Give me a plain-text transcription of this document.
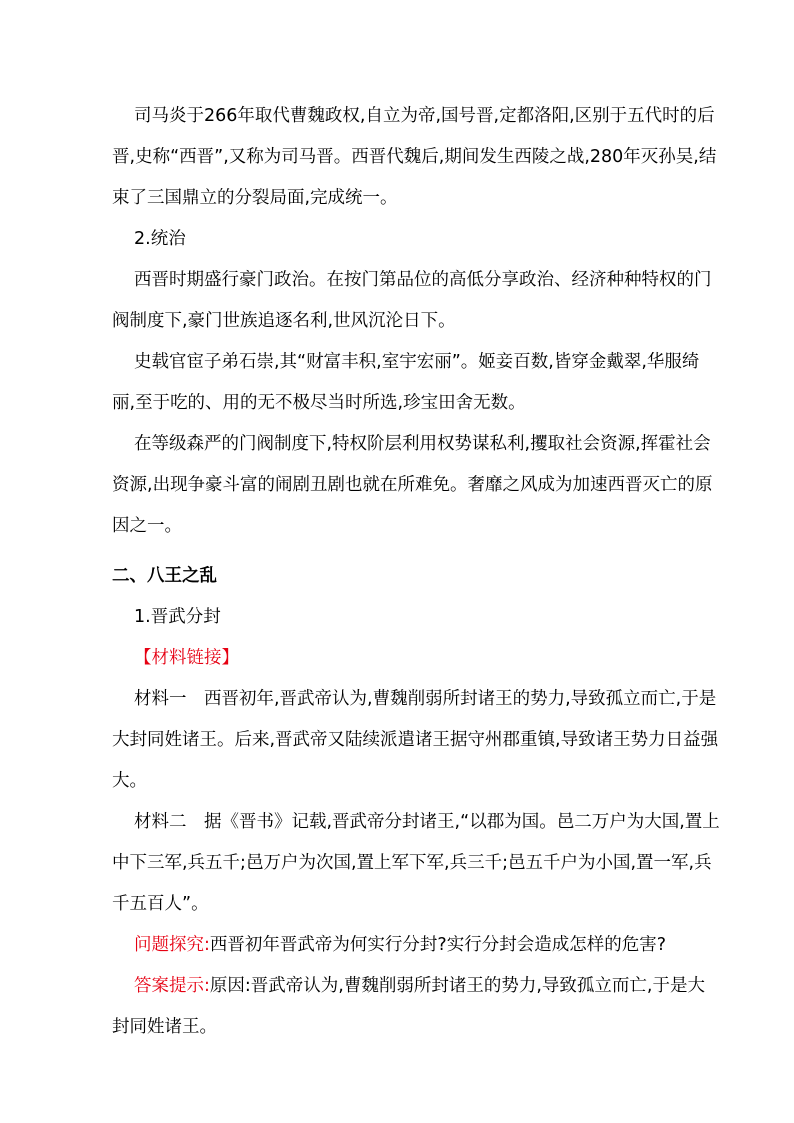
司马炎于266年取代曹魏政权,自立为帝,国号晋,定都洛阳,区别于五代时的后晋,史称“西晋”,又称为司马晋。西晋代魏后,期间发生西陵之战,280年灭孙吴,结束了三国鼎立的分裂局面,完成统一。

2.统治

西晋时期盛行豪门政治。在按门第品位的高低分享政治、经济种种特权的门阀制度下,豪门世族追逐名利,世风沉沦日下。

史载官宦子弟石崇,其“财富丰积,室宇宏丽”。姬妾百数,皆穿金戴翠,华服绮丽,至于吃的、用的无不极尽当时所选,珍宝田舍无数。

在等级森严的门阀制度下,特权阶层利用权势谋私利,攫取社会资源,挥霍社会资源,出现争豪斗富的闹剧丑剧也就在所难免。奢靡之风成为加速西晋灭亡的原因之一。

二、八王之乱

1.晋武分封

【材料链接】

材料一　西晋初年,晋武帝认为,曹魏削弱所封诸王的势力,导致孤立而亡,于是大封同姓诸王。后来,晋武帝又陆续派遣诸王据守州郡重镇,导致诸王势力日益强大。

材料二　据《晋书》记载,晋武帝分封诸王,“以郡为国。邑二万户为大国,置上中下三军,兵五千;邑万户为次国,置上军下军,兵三千;邑五千户为小国,置一军,兵千五百人”。

问题探究:西晋初年晋武帝为何实行分封?实行分封会造成怎样的危害?

答案提示:原因:晋武帝认为,曹魏削弱所封诸王的势力,导致孤立而亡,于是大封同姓诸王。
